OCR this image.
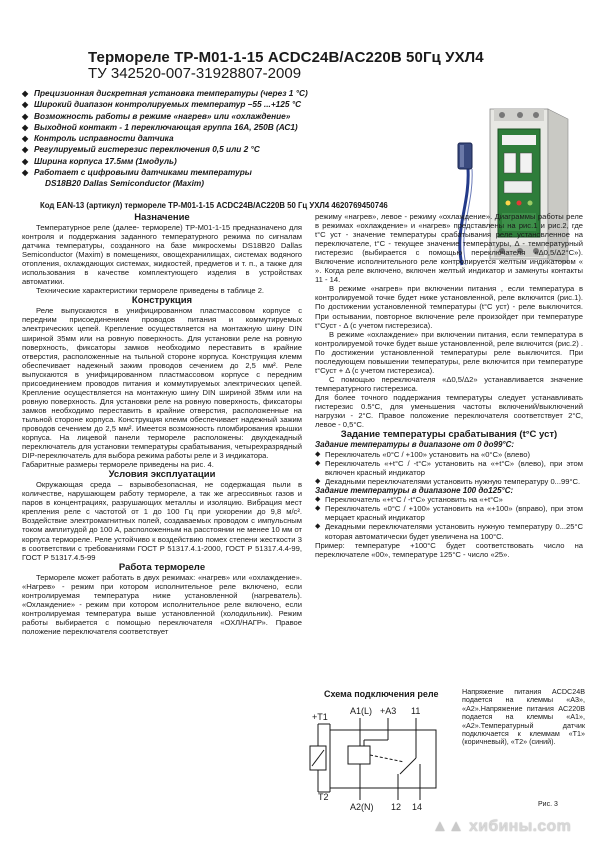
Термореле ТР-М01-1-15 ACDC24В/AC220В 50Гц УХЛ4
ТУ 342520-007-31928807-2009
◆ Прецизионная дискретная установка температуры (через 1 °С)
◆ Широкий диапазон контролируемых температур –55 ...+125 °С
◆ Возможность работы в режиме «нагрев» или «охлаждение»
◆ Выходной контакт - 1 переключающая группа 16А, 250В (АС1)
◆ Контроль исправности датчика
◆ Регулируемый гистерезис переключения 0,5 или 2 °С
◆ Ширина корпуса 17.5мм (1модуль)
◆ Работает с цифровыми датчиками температуры
DS18B20 Dallas Semiconductor (Maxim)
Код EAN-13 (артикул) термореле ТР-М01-1-15 ACDC24В/АС220В 50 Гц УХЛ4 4620769450746
Назначение

Температурное реле (далее- терморелe) ТР-М01-1-15 предназначено для контроля и поддержания заданного температурного режима по сигналам датчика температуры, созданного на базе микросхемы DS18B20 Dallas Semiconductor (Maxim) в помещениях, овощехранилищах, системах водяного отопления, охлаждающих системах, жидкостей, предметов и т. п., а также для использования в качестве комплектующего изделия в устройствах автоматики.

Технические характеристики терморелe приведены в таблице 2.

Конструкция

Реле выпускаются в унифицированном пластмассовом корпусе с передним присоединением проводов питания и коммутируемых электрических цепей. Крепление осуществляется на монтажную шину DIN шириной 35мм или на ровную поверхность. Для установки реле на ровную поверхность, фиксаторы замков необходимо переставить в крайние отверстия, расположенные на тыльной стороне корпуса. Конструкция клемм обеспечивает надежный зажим проводов сечением до 2,5 мм². Реле выпускаются в унифицированном пластмассовом корпусе с передним присоединением проводов питания и коммутируемых электрических цепей. Крепление осуществляется на монтажную шину DIN шириной 35мм или на ровную поверхность. Для установки реле на ровную поверхность, фиксаторы замков необходимо переставить в крайние отверстия, расположенные на тыльной стороне корпуса. Конструкция клемм обеспечивает надежный зажим проводов сечением до 2,5 мм². Имеется возможность пломбирования крышки корпуса. На лицевой панели терморелe расположены: двухдекадный переключатель для установки температуры срабатывания, четырехразрядный DIP-переключатель для выбора режима работы реле и 3 индикатора.

Габаритные размеры терморелe приведены на рис. 4.

Условия эксплуатации

Окружающая среда – взрывобезопасная, не содержащая пыли в количестве, нарушающем работу терморелe, а так же агрессивных газов и паров в концентрациях, разрушающих металлы и изоляцию. Вибрация мест крепления реле с частотой от 1 до 100 Гц при ускорении до 9,8 м/с². Воздействие электромагнитных полей, создаваемых проводом с импульсным током амплитудой до 100 А, расположенным на расстоянии не менее 10 мм от корпуса терморелe. Реле устойчиво к воздействию помех степени жесткости 3 в соответствии с требованиями ГОСТ Р 51317.4.1-2000, ГОСТ Р 51317.4.4-99, ГОСТ Р 51317.4.5-99

Работа терморелe

Терморелe может работать в двух режимах: «нагрев» или «охлаждение». «Нагрев» - режим при котором исполнительное реле включено, если контролируемая температура ниже установленной (нагреватель). «Охлаждение» - режим при котором исполнительное реле включено, если контролируемая температура выше установленной (холодильник). Режим работы выбирается с помощью переключателя «ОХЛ/НАГР». Правое положение переключателя соответствует

режиму «нагрев», левое - режиму «охлаждение». Диаграммы работы реле в режимах «охлаждение» и «нагрев» представлены на рис.1 и рис.2, где t°C уст - значение температуры срабатывания реле установленное на переключателе, t°C - текущее значение температуры, Δ - температурный гистерезис (выбирается с помощью переключателя «Δ0,5/Δ2°С»). Включение исполнительного реле контролируется желтым индикатором « ». Когда реле включено, включен желтый индикатор и замкнуты контакты 11 - 14.

В режиме «нагрев» при включении питания , если температура в контролируемой точке будет ниже установленной, реле включится (рис.1). По достижении установленной температуры (t°C уст) - реле выключится. При остывании, повторное включение реле произойдет при температуре t°Cуст - Δ (с учетом гистерезиса).

В режиме «охлаждение» при включении питания, если температура в контролируемой точке будет выше установленной, реле включится (рис.2) . По достижении установленной температуры реле выключится. При последующем повышении температуры, реле включится при температуре t°Cуст + Δ (с учетом гистерезиса).

С помощью переключателя «Δ0,5/Δ2» устанавливается значение температурного гистерезиса.

Для более точного поддержания температуры следует устанавливать гистерезис 0.5°С, для уменьшения частоты включений/выключений нагрузки - 2°С. Правое положение переключателя соответствует 2°С, левое - 0,5°С.

Задание температуры срабатывания (t°C уст)
Задание температуры в диапазоне от 0 до99°С:
◆ Переключатель «0°С / +100» установить на «0°С» (влево)
◆ Переключатель «+t°C / -t°C» установить на «+t°C» (влево), при этом включен красный индикатор
◆ Декадными переключателями установить нужную температуру 0...99°С.
Задание температуры в диапазоне 100 до125°С:
◆ Переключатель «+t°C / -t°C» установить на «+t°C»
◆ Переключатель «0°С / +100» установить на «+100» (вправо), при этом мерцает красный индикатор
◆ Декадными переключателями установить нужную температуру 0...25°С которая автоматически будет увеличена на 100°С.

Пример: температуре +100°С будет соответствовать число на переключателе «00», температуре 125°С - число «25».

Схема подключения реле	Напряжение питания ACDC24В подается на клеммы «А3», «А2».Напряжение питания AC220В подается на клеммы «А1», «А2».Температурный датчик подключается к клеммам «Т1» (коричневый), «Т2» (синий).
+T1
A1(L) +A3 11
T2
A2(N) 12 14	Рис. 3
▲▲ хибины.com
